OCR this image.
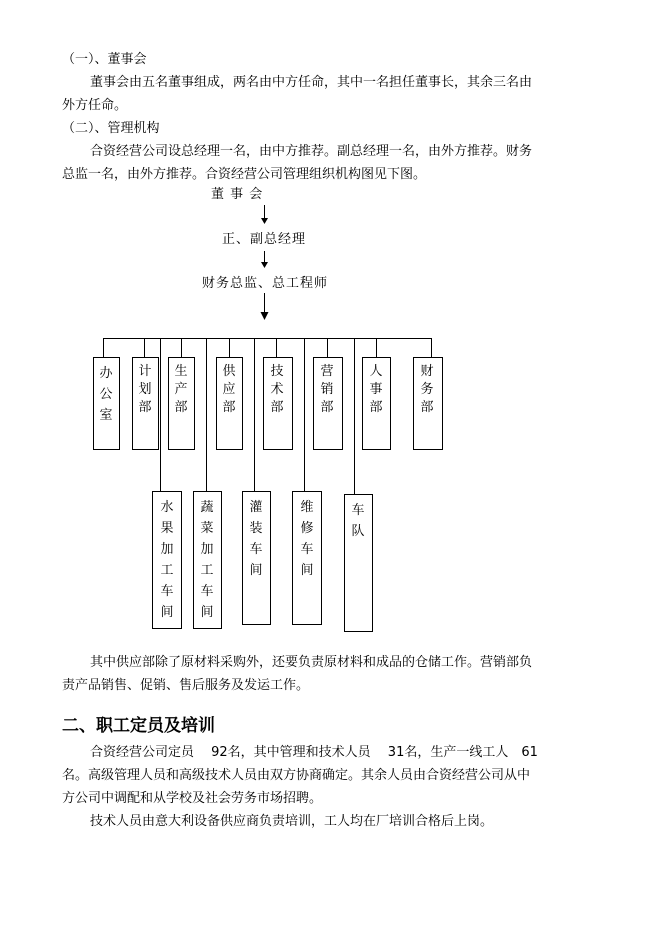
（一）、董事会
董事会由五名董事组成，两名由中方任命，其中一名担任董事长，其余三名由
外方任命。
（二）、管理机构
合资经营公司设总经理一名，由中方推荐。副总经理一名，由外方推荐。财务
总监一名，由外方推荐。合资经营公司管理组织机构图见下图。
董 事 会
正、副总经理
财务总监、总工程师
办公室
计划部
生产部
供应部
技术部
营销部
人事部
财务部
水果加工车间
蔬菜加工车间
灌装车间
维修车间
车队
其中供应部除了原材料采购外，还要负责原材料和成品的仓储工作。营销部负
责产品销售、促销、售后服务及发运工作。
二、职工定员及培训
合资经营公司定员　 92名，其中管理和技术人员　 31名，生产一线工人　61
名。高级管理人员和高级技术人员由双方协商确定。其余人员由合资经营公司从中
方公司中调配和从学校及社会劳务市场招聘。
技术人员由意大利设备供应商负责培训，工人均在厂培训合格后上岗。
